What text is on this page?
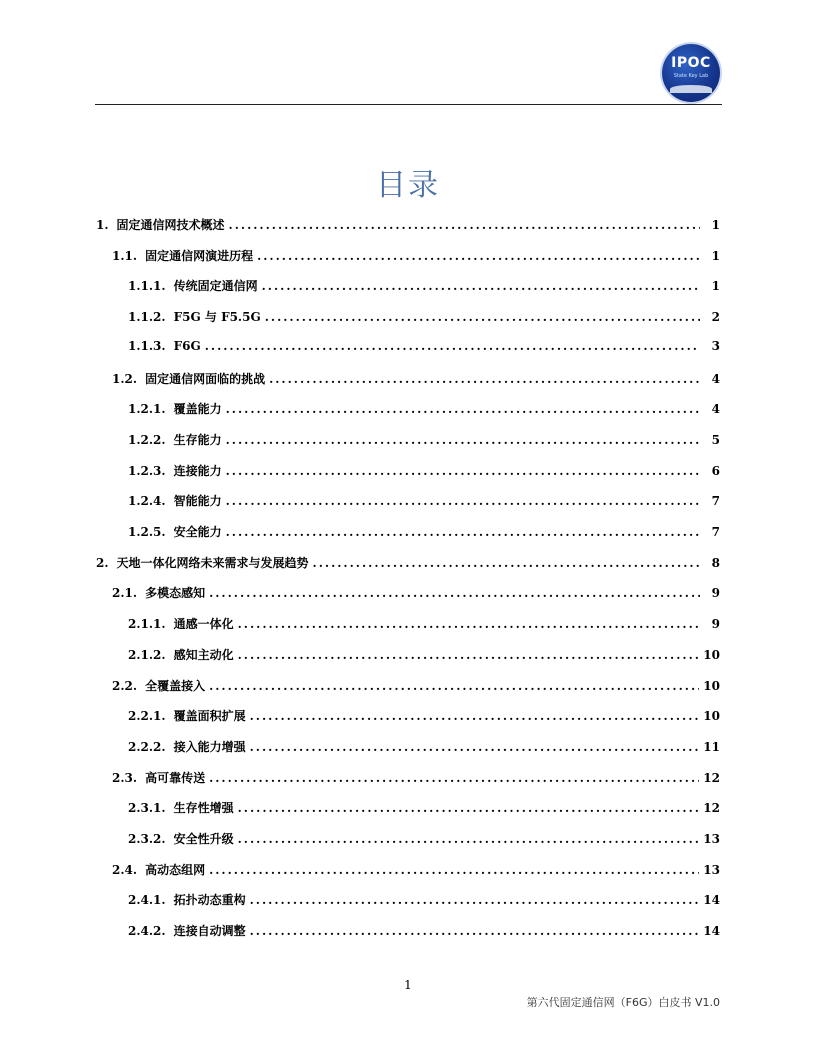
IPOC
State Key Lab
目录
1. 固定通信网技术概述 .....	1
1.1. 固定通信网演进历程 .....	1
1.1.1. 传统固定通信网 .....	1
1.1.2. F5G 与 F5.5G .....	2
1.1.3. F6G .....	3
1.2. 固定通信网面临的挑战 .....	4
1.2.1. 覆盖能力 .....	4
1.2.2. 生存能力 .....	5
1.2.3. 连接能力 .....	6
1.2.4. 智能能力 .....	7
1.2.5. 安全能力 .....	7
2. 天地一体化网络未来需求与发展趋势 .....	8
2.1. 多模态感知 .....	9
2.1.1. 通感一体化 .....	9
2.1.2. 感知主动化 .....	10
2.2. 全覆盖接入 .....	10
2.2.1. 覆盖面积扩展 .....	10
2.2.2. 接入能力增强 .....	11
2.3. 高可靠传送 .....	12
2.3.1. 生存性增强 .....	12
2.3.2. 安全性升级 .....	13
2.4. 高动态组网 .....	13
2.4.1. 拓扑动态重构 .....	14
2.4.2. 连接自动调整 .....	14
1
第六代固定通信网（F6G）白皮书 V1.0
